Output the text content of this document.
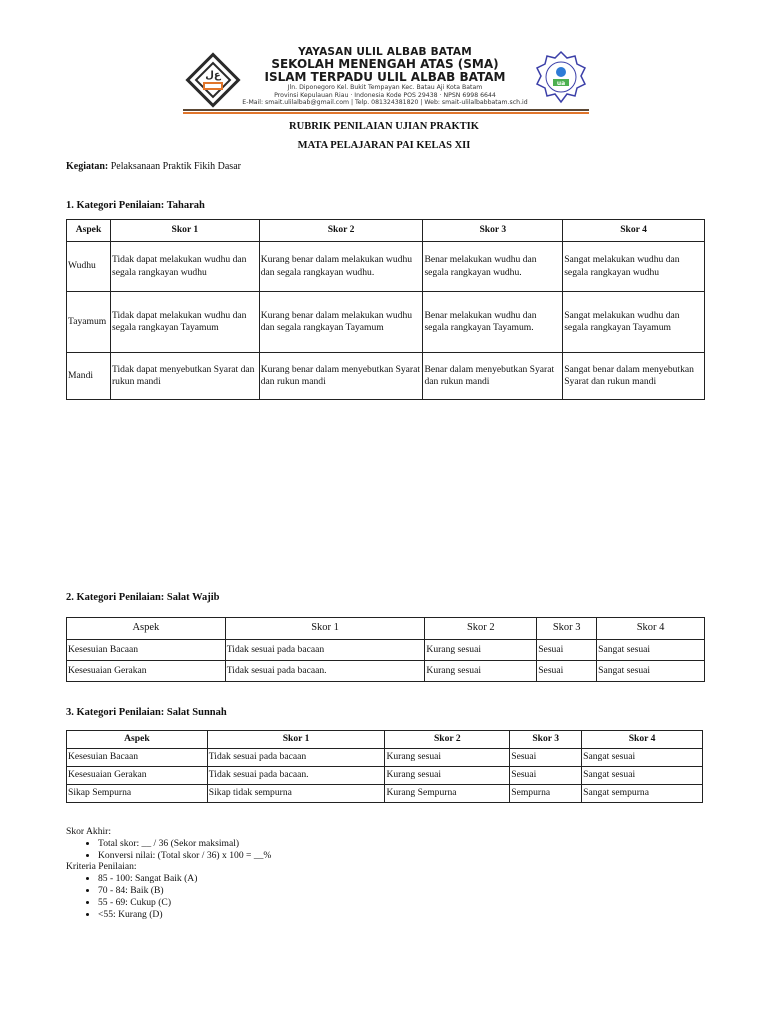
ﻉﻝ
YAYASAN ULIL ALBAB BATAM
SEKOLAH MENENGAH ATAS (SMA)
ISLAM TERPADU ULIL ALBAB BATAM
Jln. Diponegoro Kel. Bukit Tempayan Kec. Batau Aji Kota Batam
Provinsi Kepulauan Riau · Indonesia Kode POS 29438 · NPSN 6998 6644
E-Mail: smait.ulilalbab@gmail.com | Telp. 081324381820 | Web: smait-ulilalbabbatam.sch.id
ua
RUBRIK PENILAIAN UJIAN PRAKTIK
MATA PELAJARAN PAI KELAS XII
Kegiatan: Pelaksanaan Praktik Fikih Dasar
1. Kategori Penilaian: Taharah
Aspek	Skor 1	Skor 2	Skor 3	Skor 4
Wudhu	Tidak dapat melakukan wudhu dan segala rangkayan wudhu	Kurang benar dalam melakukan wudhu dan segala rangkayan wudhu.	Benar melakukan wudhu dan segala rangkayan wudhu.	Sangat melakukan wudhu dan segala rangkayan wudhu
Tayamum	Tidak dapat melakukan wudhu dan segala rangkayan Tayamum	Kurang benar dalam melakukan wudhu dan segala rangkayan Tayamum	Benar melakukan wudhu dan segala rangkayan Tayamum.	Sangat melakukan wudhu dan segala rangkayan Tayamum
Mandi	Tidak dapat menyebutkan Syarat dan rukun mandi	Kurang benar dalam menyebutkan Syarat dan rukun mandi	Benar dalam menyebutkan Syarat dan rukun mandi	Sangat benar dalam menyebutkan Syarat dan rukun mandi
2. Kategori Penilaian: Salat Wajib
Aspek	Skor 1	Skor 2	Skor 3	Skor 4
Kesesuian Bacaan	Tidak sesuai pada bacaan	Kurang sesuai	Sesuai	Sangat sesuai
Kesesuaian Gerakan	Tidak sesuai pada bacaan.	Kurang sesuai	Sesuai	Sangat sesuai
3. Kategori Penilaian: Salat Sunnah
Aspek	Skor 1	Skor 2	Skor 3	Skor 4
Kesesuian Bacaan	Tidak sesuai pada bacaan	Kurang sesuai	Sesuai	Sangat sesuai
Kesesuaian Gerakan	Tidak sesuai pada bacaan.	Kurang sesuai	Sesuai	Sangat sesuai
Sikap Sempurna	Sikap tidak sempurna	Kurang Sempurna	Sempurna	Sangat sempurna
Skor Akhir:
• Total skor: __ / 36 (Sekor maksimal)
• Konversi nilai: (Total skor / 36) x 100 = __%
Kriteria Penilaian:
• 85 - 100: Sangat Baik (A)
• 70 - 84: Baik (B)
• 55 - 69: Cukup (C)
• <55: Kurang (D)
